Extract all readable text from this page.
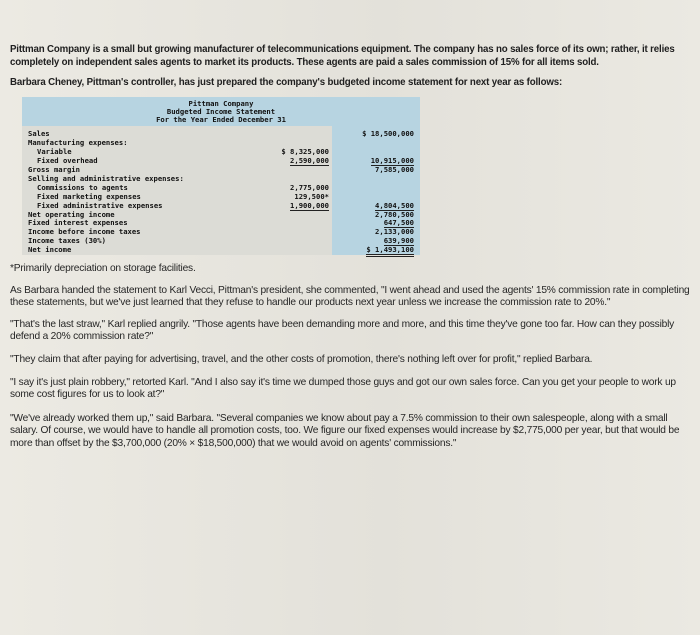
Pittman Company is a small but growing manufacturer of telecommunications equipment. The company has no sales force of its own; rather, it relies completely on independent sales agents to market its products. These agents are paid a sales commission of 15% for all items sold.

Barbara Cheney, Pittman's controller, has just prepared the company's budgeted income statement for next year as follows:

Pittman Company
Budgeted Income Statement
For the Year Ended December 31

Sales		$ 18,500,000
Manufacturing expenses:		
Variable	$ 8,325,000	
Fixed overhead	2,590,000	10,915,000
Gross margin		7,585,000
Selling and administrative expenses:		
Commissions to agents	2,775,000	
Fixed marketing expenses	129,500*	
Fixed administrative expenses	1,900,000	4,804,500
Net operating income		2,780,500
Fixed interest expenses		647,500
Income before income taxes		2,133,000
Income taxes (30%)		639,900
Net income		$ 1,493,100

*Primarily depreciation on storage facilities.

As Barbara handed the statement to Karl Vecci, Pittman's president, she commented, "I went ahead and used the agents' 15% commission rate in completing these statements, but we've just learned that they refuse to handle our products next year unless we increase the commission rate to 20%."

"That's the last straw," Karl replied angrily. "Those agents have been demanding more and more, and this time they've gone too far. How can they possibly defend a 20% commission rate?"

"They claim that after paying for advertising, travel, and the other costs of promotion, there's nothing left over for profit," replied Barbara.

"I say it's just plain robbery," retorted Karl. "And I also say it's time we dumped those guys and got our own sales force. Can you get your people to work up some cost figures for us to look at?"

"We've already worked them up," said Barbara. "Several companies we know about pay a 7.5% commission to their own salespeople, along with a small salary. Of course, we would have to handle all promotion costs, too. We figure our fixed expenses would increase by $2,775,000 per year, but that would be more than offset by the $3,700,000 (20% × $18,500,000) that we would avoid on agents' commissions."
